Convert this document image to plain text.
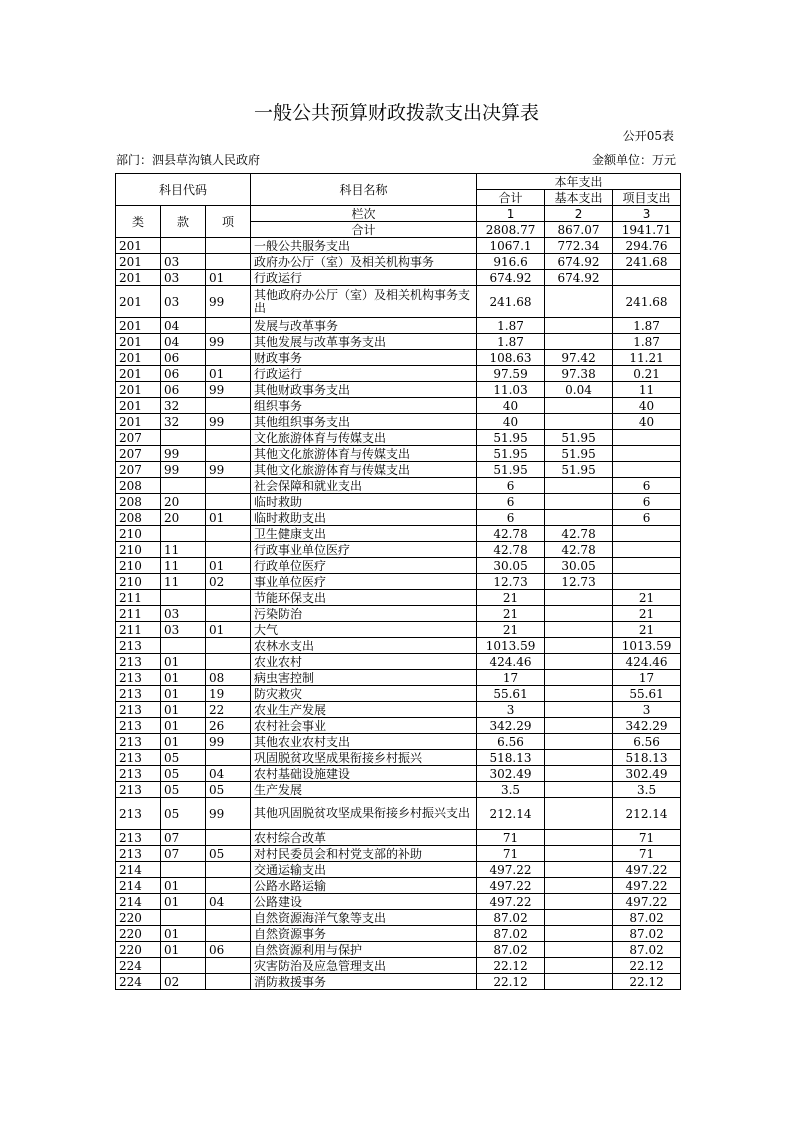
一般公共预算财政拨款支出决算表
公开05表
部门：泗县草沟镇人民政府	金额单位：万元
科目代码			科目名称	本年支出		
				合计	基本支出	项目支出
类	款	项	栏次	1	2	3
			合计	2808.77	867.07	1941.71
201			一般公共服务支出	1067.1	772.34	294.76
201	03		政府办公厅（室）及相关机构事务	916.6	674.92	241.68
201	03	01	行政运行	674.92	674.92	
201	03	99	其他政府办公厅（室）及相关机构事务支出	241.68		241.68
201	04		发展与改革事务	1.87		1.87
201	04	99	其他发展与改革事务支出	1.87		1.87
201	06		财政事务	108.63	97.42	11.21
201	06	01	行政运行	97.59	97.38	0.21
201	06	99	其他财政事务支出	11.03	0.04	11
201	32		组织事务	40		40
201	32	99	其他组织事务支出	40		40
207			文化旅游体育与传媒支出	51.95	51.95	
207	99		其他文化旅游体育与传媒支出	51.95	51.95	
207	99	99	其他文化旅游体育与传媒支出	51.95	51.95	
208			社会保障和就业支出	6		6
208	20		临时救助	6		6
208	20	01	临时救助支出	6		6
210			卫生健康支出	42.78	42.78	
210	11		行政事业单位医疗	42.78	42.78	
210	11	01	行政单位医疗	30.05	30.05	
210	11	02	事业单位医疗	12.73	12.73	
211			节能环保支出	21		21
211	03		污染防治	21		21
211	03	01	大气	21		21
213			农林水支出	1013.59		1013.59
213	01		农业农村	424.46		424.46
213	01	08	病虫害控制	17		17
213	01	19	防灾救灾	55.61		55.61
213	01	22	农业生产发展	3		3
213	01	26	农村社会事业	342.29		342.29
213	01	99	其他农业农村支出	6.56		6.56
213	05		巩固脱贫攻坚成果衔接乡村振兴	518.13		518.13
213	05	04	农村基础设施建设	302.49		302.49
213	05	05	生产发展	3.5		3.5
213	05	99	其他巩固脱贫攻坚成果衔接乡村振兴支出	212.14		212.14
213	07		农村综合改革	71		71
213	07	05	对村民委员会和村党支部的补助	71		71
214			交通运输支出	497.22		497.22
214	01		公路水路运输	497.22		497.22
214	01	04	公路建设	497.22		497.22
220			自然资源海洋气象等支出	87.02		87.02
220	01		自然资源事务	87.02		87.02
220	01	06	自然资源利用与保护	87.02		87.02
224			灾害防治及应急管理支出	22.12		22.12
224	02		消防救援事务	22.12		22.12
